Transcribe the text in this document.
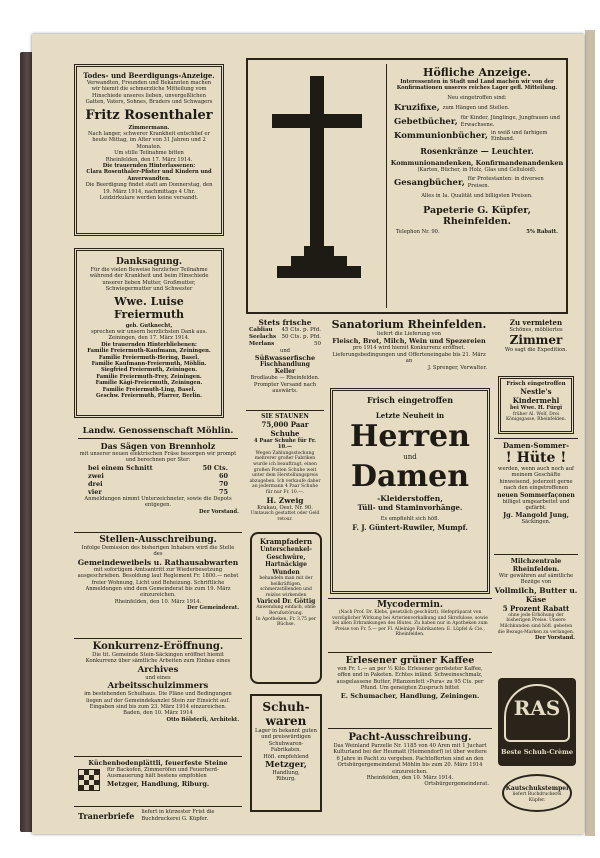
Todes- und Beerdigungs-Anzeige.

Verwandten, Freunden und Bekannten machen wir hiemit die schmerzliche Mitteilung vom Hinschiede unseres lieben, unvergeßlichen Gatten, Vaters, Sohnes, Bruders und Schwagers

Fritz Rosenthaler

Zimmermann.

Nach langer, schwerer Krankheit entschlief er heute Mittag, im Alter von 31 Jahren und 2 Monaten.

Um stille Teilnahme bitten

Rheinfelden, den 17. März 1914.

Die trauernden Hinterlassenen:

Clara Rosenthaler-Pfister und Kindern und Anverwandten.

Die Beerdigung findet statt am Donnerstag, den 19. März 1914, nachmittags 4 Uhr.

Leidzirkulare werden keine versandt.

Danksagung.

Für die vielen Beweise herzlicher Teilnahme während der Krankheit und beim Hinschiede unserer lieben Mutter, Großmutter, Schwiegermutter und Schwester

Wwe. Luise Freiermuth

geb. Gutknecht,

sprechen wir unsern herzlichsten Dank aus.

Zeiningen, den 17. März 1914.

Die trauernden Hinterbliebenen:

Familie Freiermuth-Kaufmann, Zeiningen.

Familie Freiermuth-Hering, Basel.

Familie Kaufmann-Freiermuth, Möhlin.

Siegfried Freiermuth, Zeiningen.

Familie Freiermuth-Frey, Zeiningen.

Familie Kägi-Freiermuth, Zeiningen.

Familie Freiermuth-Ling, Basel.

Geschw. Freiermuth, Pfarrer, Berlin.

Landw. Genossenschaft Möhlin.

Das Sägen von Brennholz

mit unserer neuen elektrischen Fräse besorgen wir prompt und berechnen per Ster:

bei einem Schnitt	50 Cts.
zwei	60
drei	70
vier	75

Anmeldungen nimmt Unterzeichneter, sowie die Depots entgegen.

Der Vorstand.

Stellen-Ausschreibung.

Infolge Demission des bisherigen Inhabers wird die Stelle des

Gemeindeweibels u. Rathausabwarten

mit sofortigem Amtsantritt zur Wiederbesetzung ausgeschrieben. Besoldung laut Reglement Fr. 1800.— nebst freier Wohnung, Licht und Beheizung. Schriftliche Anmeldungen sind dem Gemeinderat bis zum 19. März einzureichen.

Rheinfelden, den 10. März 1914.

Der Gemeinderat.

Konkurrenz-Eröffnung.

Die tit. Gemeinde Stein-Säckingen eröffnet hiemit Konkurrenz über sämtliche Arbeiten zum Einbau eines

Archives

und eines

Arbeitsschulzimmers

im bestehenden Schulhaus. Die Pläne und Bedingungen liegen auf der Gemeindekanzlei Stein zur Einsicht auf. Eingaben sind bis zum 23. März 1914 einzureichen.

Baden, den 10. März 1914

Otto Bölsterli, Architekt.

Küchenbodenplättli, feuerfeste Steine

für Backofen, Zimmeröfen und Feuerherd-Ausmauerung hält bestens empfohlen

Metzger, Handlung, Riburg.

Tranerbriefe	liefert in kürzester Frist die Buchdruckerei G. Küpfer.

Höfliche Anzeige.

Interessenten in Stadt und Land machen wir von der Konfirmationen unseres reiches Lager gefl. Mitteilung.

Neu eingetroffen sind:

Kruzifixe, zum Hängen und Stellen.
Gebetbücher, für Kinder, Jünglinge, Jungfrauen und Erwachsene.
Kommunionbücher, in weiß und farbigem Einband.

Rosenkränze — Leuchter.

Kommunionandenken, Konfirmandenandenken

(Karten, Bücher, in Holz, Glas und Celluloid).

Gesangbücher, für Protestanten: in diversen Preisen.

Alles in Ia. Qualität und billigsten Preisen.

Papeterie G. Küpfer, Rheinfelden.

Telephon Nr. 90.	5% Rabatt.

Stets frische

Cabliau 45 Cts. p. Pfd.
Seelachs 50 Cts. p. Pfd.
Merlans	50

und

Süßwasserfische

Fischhandlung Keller

Brodlaube — Rheinfelden.

Prompter Versand nach auswärts.

SIE STAUNEN

75,000 Paar Schuhe

4 Paar Schuhe für Fr. 10.—

Wegen Zahlungsstockung mehrerer großer Fabriken wurde ich beauftragt, einen großen Posten Schuhe weit unter dem Herstellungspreis abzugeben. Ich verkaufe daher an jedermann 4 Paar Schuhe für nur Fr. 10.—.

H. Zweig

Krakau, Oest. Nr. 90.

Umtausch gestattet oder Geld retour.

Krampfadern

Unterschenkel-

Geschwüre,

Hartnäckige

Wunden

behandeln man mit der heilkräftigen, schmerzstillenden und reizlos wirkenden

Varicol Dr. Göttig

Anwendung einfach, ohne Berufsstörung.

In Apotheken. Fr. 3.75 per Büchse.

Schuh-waren

Lager in bekannt guten und preiswürdigen Schuhwaren-Fabrikaten.

Höfl. empfehlend

Metzger,

Handlung,

Riburg.

Sanatorium Rheinfelden.

liefert die Lieferung von

Fleisch, Brot, Milch, Wein und Spezereien

pro 1914 wird hiemit Konkurrenz eröffnet. Lieferungsbedingungen und Offerteneingabe bis 21. März an

J. Sprenger, Verwalter.

Frisch eingetroffen

Letzte Neuheit in

Herren

und

Damen

-Kleiderstoffen,

Tüll- und Staminvorhänge.

Es empfiehlt sich höfl.

F. J. Güntert-Ruwiler, Mumpf.

Mycodermin.

(Nach Prof. Dr. Klebs, gesetzlich geschützt). Hefepräparat von vorzüglicher Wirkung bei Arterienverkalkung und Skrofulose, sowie bei allen Erkrankungen des Blutes. Zu haben nur in Apotheken zum Preise von Fr. 5.— per Fl. Alleinige Fabrikanten: E. Lüpfel & Cie., Rheinfelden.

Erlesener grüner Kaffee

von Fr. 1.— an per ½ Kilo. Erlesener gerösteter Kaffee, offen und in Paketen. Echtes inländ. Schweineschmalz, ausgelassene Butter, Pflanzenfett »Pura« zu 95 Cts. per Pfund. Um geneigten Zuspruch bittet

E. Schumacher, Handlung, Zeiningen.

Pacht-Ausschreibung.

Das Weinland Parzelle Nr. 1185 von 40 Aren mit 1 Juchart Kulturland bei der Heumatt (Heimendorf) ist über weitere 6 Jahre in Pacht zu vergeben. Pachtofferten sind an den Ortsbürgergemeinderat Möhlin bis zum 20. März 1914 einzureichen.

Rheinfelden, den 10. März 1914.

Ortsbürgergemeinderat.

Zu vermieten

Schönes, möbliertes

Zimmer

Wo sagt die Expedition.

Frisch eingetroffen

Nestle's Kindermehl

bei Wwe. H. Fürgi

früher Al. Wolf, Drei Königsgasse, Rheinfelden.

Damen-Sommer-

! Hüte !

werden, wenn auch noch auf meinem Geschäfte hinweisend, jederzeit gerne nach den eingetroffenen

neuen Sommerfaçonen

billigst umgearbeitet und gefärbt.

Jg. Mangold Jung,

Säckingen.

Milchzentrale Rheinfelden.

Wir gewähren auf sämtliche Bezüge von

Vollmilch, Butter u. Käse

5 Prozent Rabatt

ohne jede Erhöhung der bisherigen Preise. Unsere Milchkunden sind höfl. gebeten die Bezugs-Marken zu verlangen.

Der Vorstand.

RAS

Beste Schuh-Crème

Kautschukstempel

liefert Buchdruckerei Küpfer.
